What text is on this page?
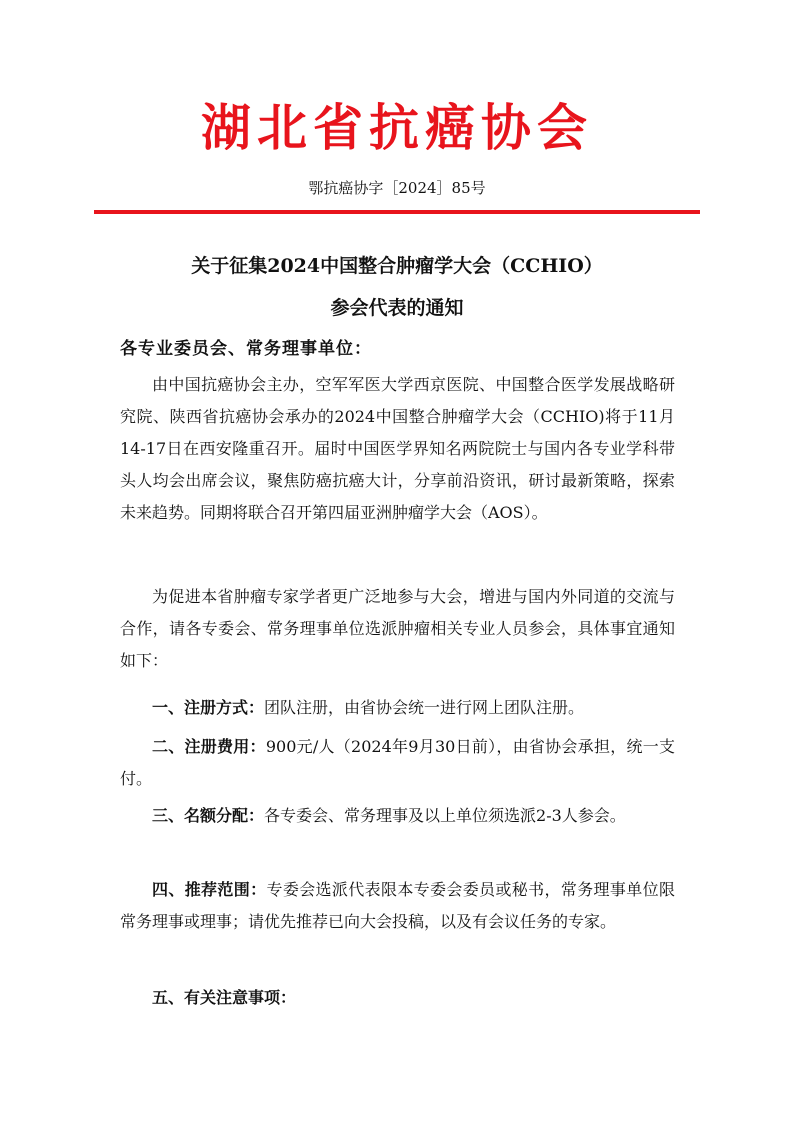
湖北省抗癌协会
鄂抗癌协字［2024］85号
关于征集2024中国整合肿瘤学大会（CCHIO）
参会代表的通知
各专业委员会、常务理事单位：

由中国抗癌协会主办，空军军医大学西京医院、中国整合医学发展战略研究院、陕西省抗癌协会承办的2024中国整合肿瘤学大会（CCHIO)将于11月14-17日在西安隆重召开。届时中国医学界知名两院院士与国内各专业学科带头人均会出席会议，聚焦防癌抗癌大计，分享前沿资讯，研讨最新策略，探索未来趋势。同期将联合召开第四届亚洲肿瘤学大会（AOS）。

为促进本省肿瘤专家学者更广泛地参与大会，增进与国内外同道的交流与合作，请各专委会、常务理事单位选派肿瘤相关专业人员参会，具体事宜通知如下：

一、注册方式：团队注册，由省协会统一进行网上团队注册。

二、注册费用：900元/人（2024年9月30日前），由省协会承担，统一支付。

三、名额分配：各专委会、常务理事及以上单位须选派2-3人参会。

四、推荐范围：专委会选派代表限本专委会委员或秘书，常务理事单位限常务理事或理事；请优先推荐已向大会投稿，以及有会议任务的专家。

五、有关注意事项：
